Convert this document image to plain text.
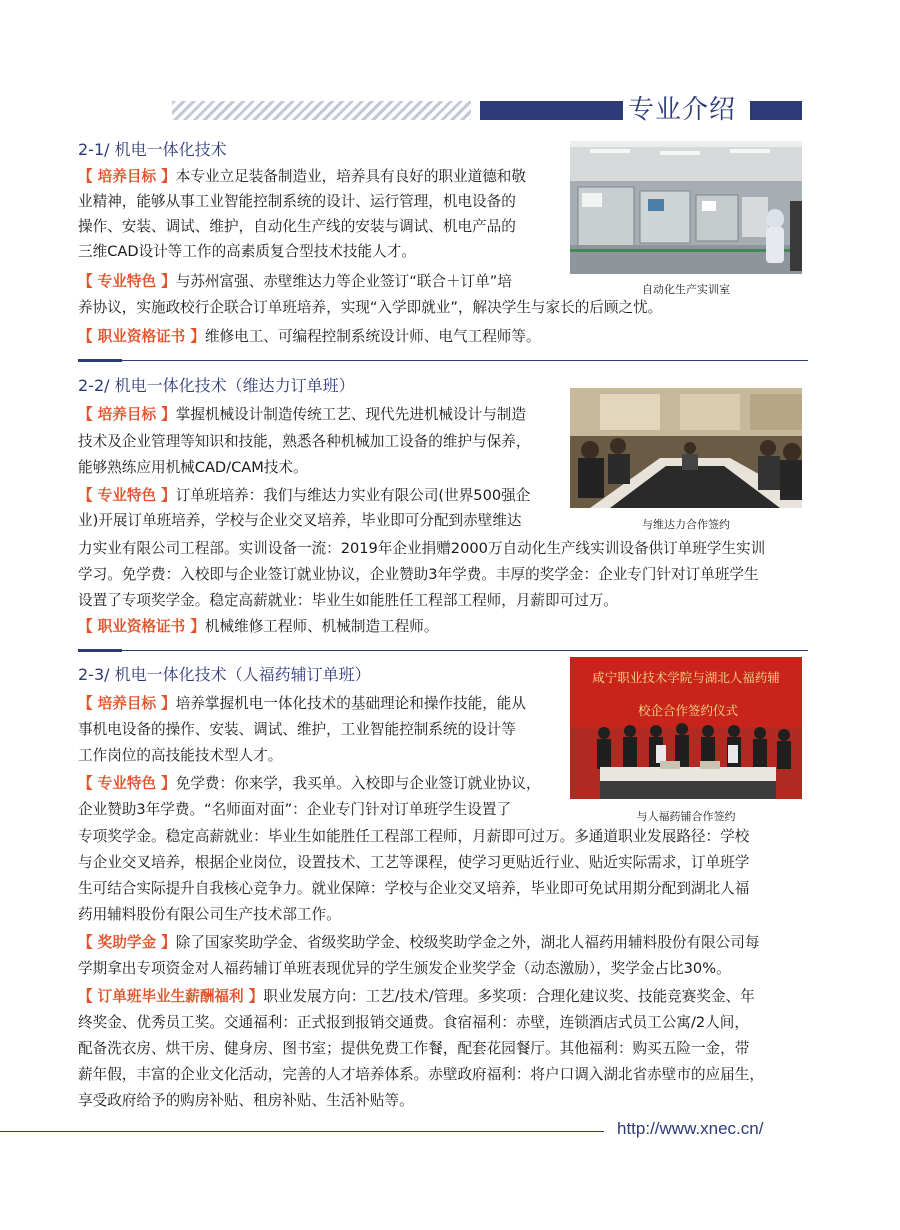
专业介绍
2-1/ 机电一体化技术
自动化生产实训室
【 培养目标 】本专业立足装备制造业，培养具有良好的职业道德和敬
业精神，能够从事工业智能控制系统的设计、运行管理，机电设备的
操作、安装、调试、维护，自动化生产线的安装与调试、机电产品的
三维CAD设计等工作的高素质复合型技术技能人才。
【 专业特色 】与苏州富强、赤壁维达力等企业签订“联合＋订单”培
养协议，实施政校行企联合订单班培养，实现“入学即就业”，解决学生与家长的后顾之忧。
【 职业资格证书 】维修电工、可编程控制系统设计师、电气工程师等。
2-2/ 机电一体化技术（维达力订单班）
与维达力合作签约
【 培养目标 】掌握机械设计制造传统工艺、现代先进机械设计与制造
技术及企业管理等知识和技能，熟悉各种机械加工设备的维护与保养，
能够熟练应用机械CAD/CAM技术。
【 专业特色 】订单班培养：我们与维达力实业有限公司(世界500强企
业)开展订单班培养，学校与企业交叉培养，毕业即可分配到赤壁维达
力实业有限公司工程部。实训设备一流：2019年企业捐赠2000万自动化生产线实训设备供订单班学生实训
学习。免学费：入校即与企业签订就业协议，企业赞助3年学费。丰厚的奖学金：企业专门针对订单班学生
设置了专项奖学金。稳定高薪就业：毕业生如能胜任工程部工程师，月薪即可过万。
【 职业资格证书 】机械维修工程师、机械制造工程师。
2-3/ 机电一体化技术（人福药辅订单班）	咸宁职业技术学院与湖北人福药辅
校企合作签约仪式
与人福药铺合作签约
【 培养目标 】培养掌握机电一体化技术的基础理论和操作技能，能从
事机电设备的操作、安装、调试、维护，工业智能控制系统的设计等
工作岗位的高技能技术型人才。
【 专业特色 】免学费：你来学，我买单。入校即与企业签订就业协议，
企业赞助3年学费。“名师面对面”：企业专门针对订单班学生设置了
专项奖学金。稳定高薪就业：毕业生如能胜任工程部工程师，月薪即可过万。多通道职业发展路径：学校
与企业交叉培养，根据企业岗位，设置技术、工艺等课程，使学习更贴近行业、贴近实际需求，订单班学
生可结合实际提升自我核心竞争力。就业保障：学校与企业交叉培养，毕业即可免试用期分配到湖北人福
药用辅料股份有限公司生产技术部工作。
【 奖助学金 】除了国家奖助学金、省级奖助学金、校级奖助学金之外，湖北人福药用辅料股份有限公司每
学期拿出专项资金对人福药辅订单班表现优异的学生颁发企业奖学金（动态激励），奖学金占比30%。
【 订单班毕业生薪酬福利 】职业发展方向：工艺/技术/管理。多奖项：合理化建议奖、技能竞赛奖金、年
终奖金、优秀员工奖。交通福利：正式报到报销交通费。食宿福利：赤壁，连锁酒店式员工公寓/2人间，
配备洗衣房、烘干房、健身房、图书室；提供免费工作餐，配套花园餐厅。其他福利：购买五险一金，带
薪年假，丰富的企业文化活动，完善的人才培养体系。赤壁政府福利：将户口调入湖北省赤壁市的应届生，
享受政府给予的购房补贴、租房补贴、生活补贴等。
http://www.xnec.cn/
